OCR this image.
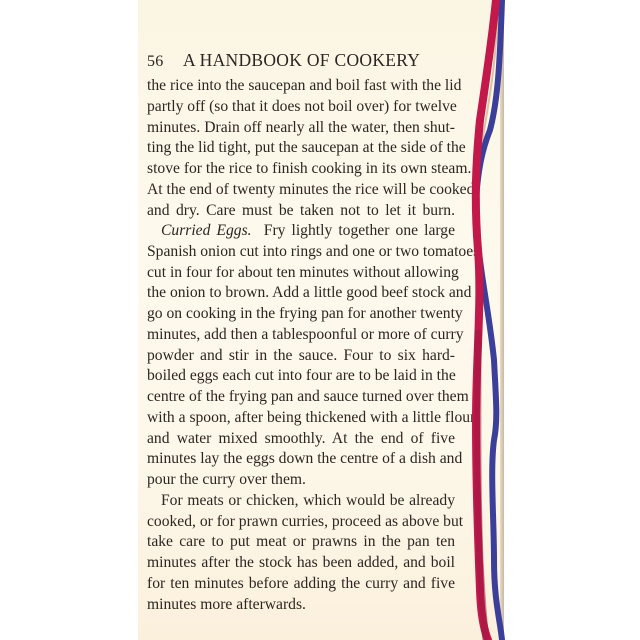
56 A HANDBOOK OF COOKERY
the rice into the saucepan and boil fast with the lid
partly off (so that it does not boil over) for twelve
minutes. Drain off nearly all the water, then shut-
ting the lid tight, put the saucepan at the side of the
stove for the rice to finish cooking in its own steam.
At the end of twenty minutes the rice will be cooked
and dry. Care must be taken not to let it burn.
Curried Eggs. Fry lightly together one large
Spanish onion cut into rings and one or two tomatoes
cut in four for about ten minutes without allowing
the onion to brown. Add a little good beef stock and
go on cooking in the frying pan for another twenty
minutes, add then a tablespoonful or more of curry
powder and stir in the sauce. Four to six hard-
boiled eggs each cut into four are to be laid in the
centre of the frying pan and sauce turned over them
with a spoon, after being thickened with a little flour
and water mixed smoothly. At the end of five
minutes lay the eggs down the centre of a dish and
pour the curry over them.
For meats or chicken, which would be already
cooked, or for prawn curries, proceed as above but
take care to put meat or prawns in the pan ten
minutes after the stock has been added, and boil
for ten minutes before adding the curry and five
minutes more afterwards.
